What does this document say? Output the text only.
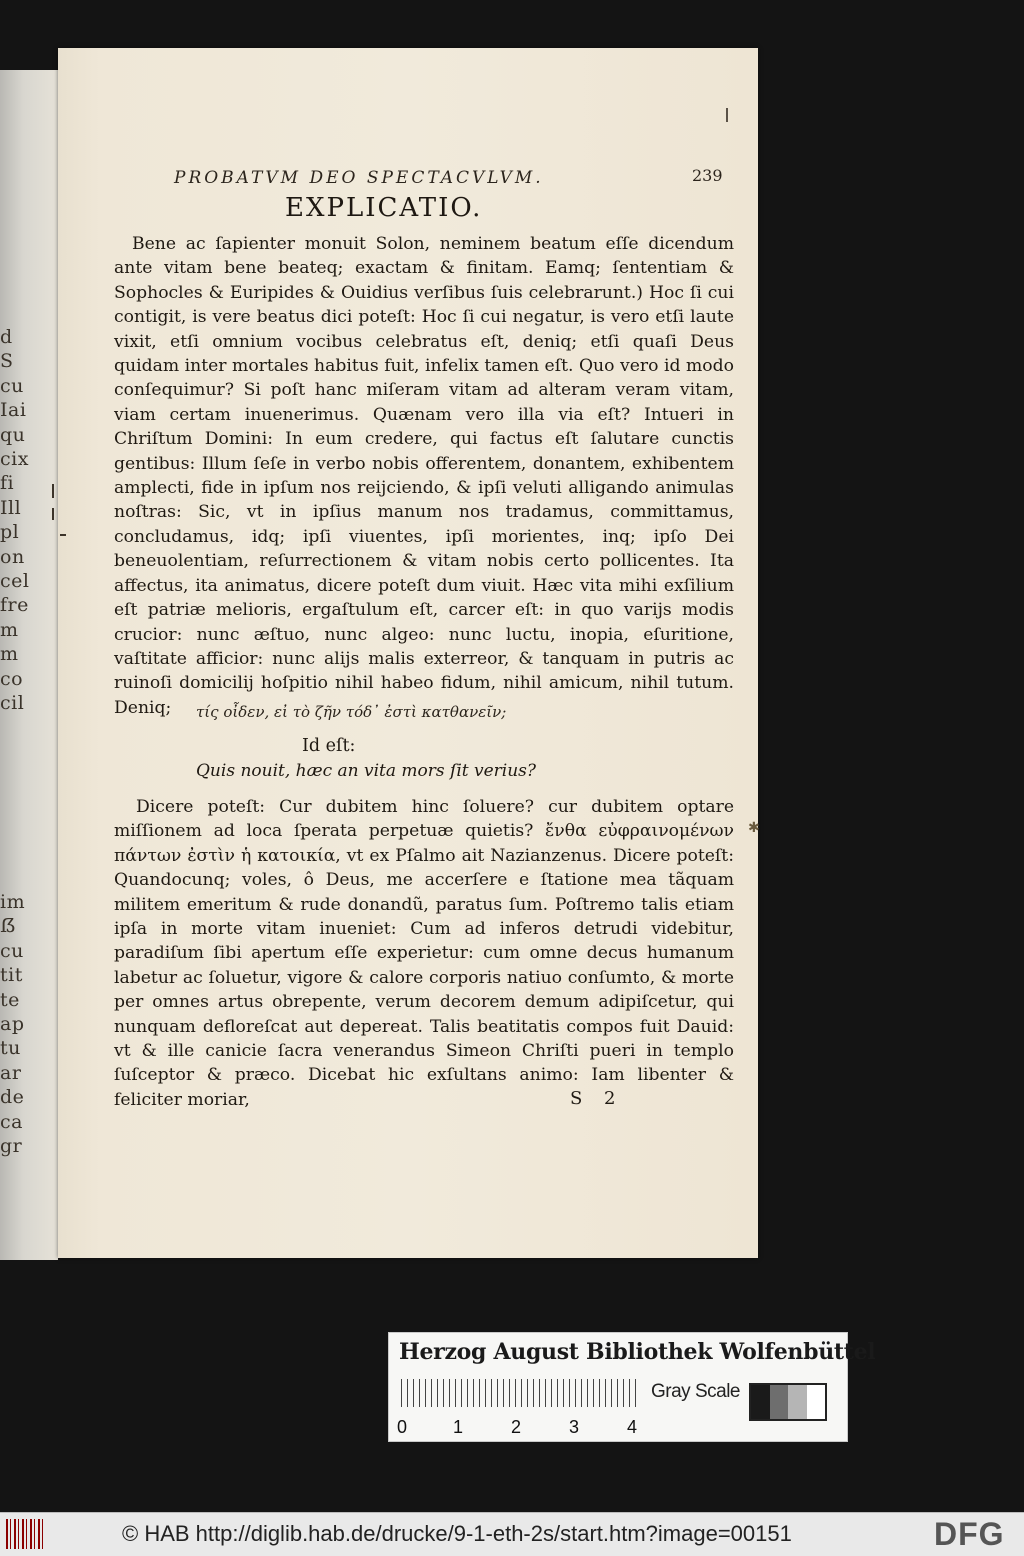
d
S
cu
Iai
qu
cix
fi
Ill
pl
on
cel
fre
m
m
co
cil
im
ẞ
cu
tit
te
ap
tu
ar
de
ca
gr
PROBATVM DEO SPECTACVLVM.	239
EXPLICATIO.
Bene ac ſapienter monuit Solon, neminem beatum eſſe dicendum ante vitam bene beateq; exactam & finitam. Eamq; ſententiam & Sophocles & Euripides & Ouidius verſibus ſuis celebrarunt.) Hoc ſi cui contigit, is vere beatus dici poteſt: Hoc ſi cui negatur, is vero etſi laute vixit, etſi omnium vocibus celebratus eſt, deniq; etſi quaſi Deus quidam inter mortales habitus fuit, infelix tamen eſt. Quo vero id modo conſequimur? Si poſt hanc miſeram vitam ad alteram veram vitam, viam certam inuenerimus. Quænam vero illa via eſt? Intueri in Chriſtum Domini: In eum credere, qui factus eſt ſalutare cunctis gentibus: Illum ſeſe in verbo nobis offerentem, donantem, exhibentem amplecti, fide in ipſum nos reijciendo, & ipſi veluti alligando animulas noſtras: Sic, vt in ipſius manum nos tradamus, committamus, concludamus, idq; ipſi viuentes, ipſi morientes, inq; ipſo Dei beneuolentiam, reſurrectionem & vitam nobis certo pollicentes. Ita affectus, ita animatus, dicere poteſt dum viuit. Hæc vita mihi exſilium eſt patriæ melioris, ergaſtulum eſt, carcer eſt: in quo varijs modis crucior: nunc æſtuo, nunc algeo: nunc luctu, inopia, eſuritione, vaſtitate afficior: nunc alijs malis exterreor, & tanquam in putris ac ruinoſi domicilij hoſpitio nihil habeo fidum, nihil amicum, nihil tutum. Deniq;	τίς οἶδεν, εἰ τὸ ζῆν τόδ᾽ ἐστὶ κατθανεῖν;
Id eſt:
Quis nouit, hæc an vita mors ſit verius?
Dicere poteſt: Cur dubitem hinc ſoluere? cur dubitem optare miſſionem ad loca ſperata perpetuæ quietis? ἔνθα εὐφραινομένων πάντων ἐστὶν ἡ κατοικία, vt ex Pſalmo ait Nazianzenus. Dicere poteſt: Quandocunq; voles, ô Deus, me accerſere e ſtatione mea tãquam militem emeritum & rude donandũ, paratus ſum. Poſtremo talis etiam ipſa in morte vitam inueniet: Cum ad inferos detrudi videbitur, paradiſum ſibi apertum eſſe experietur: cum omne decus humanum labetur ac ſoluetur, vigore & calore corporis natiuo conſumto, & morte per omnes artus obrepente, verum decorem demum adipiſcetur, qui nunquam defloreſcat aut depereat. Talis beatitatis compos fuit Dauid: vt & ille canicie ſacra venerandus Simeon Chriſti pueri in templo ſuſceptor & præco. Dicebat hic exſultans animo: Iam libenter & feliciter moriar,	S 2
✱
Herzog August Bibliothek Wolfenbüttel
0	1	2	3	4
Gray Scale
© HAB http://diglib.hab.de/drucke/9-1-eth-2s/start.htm?image=00151	DFG
